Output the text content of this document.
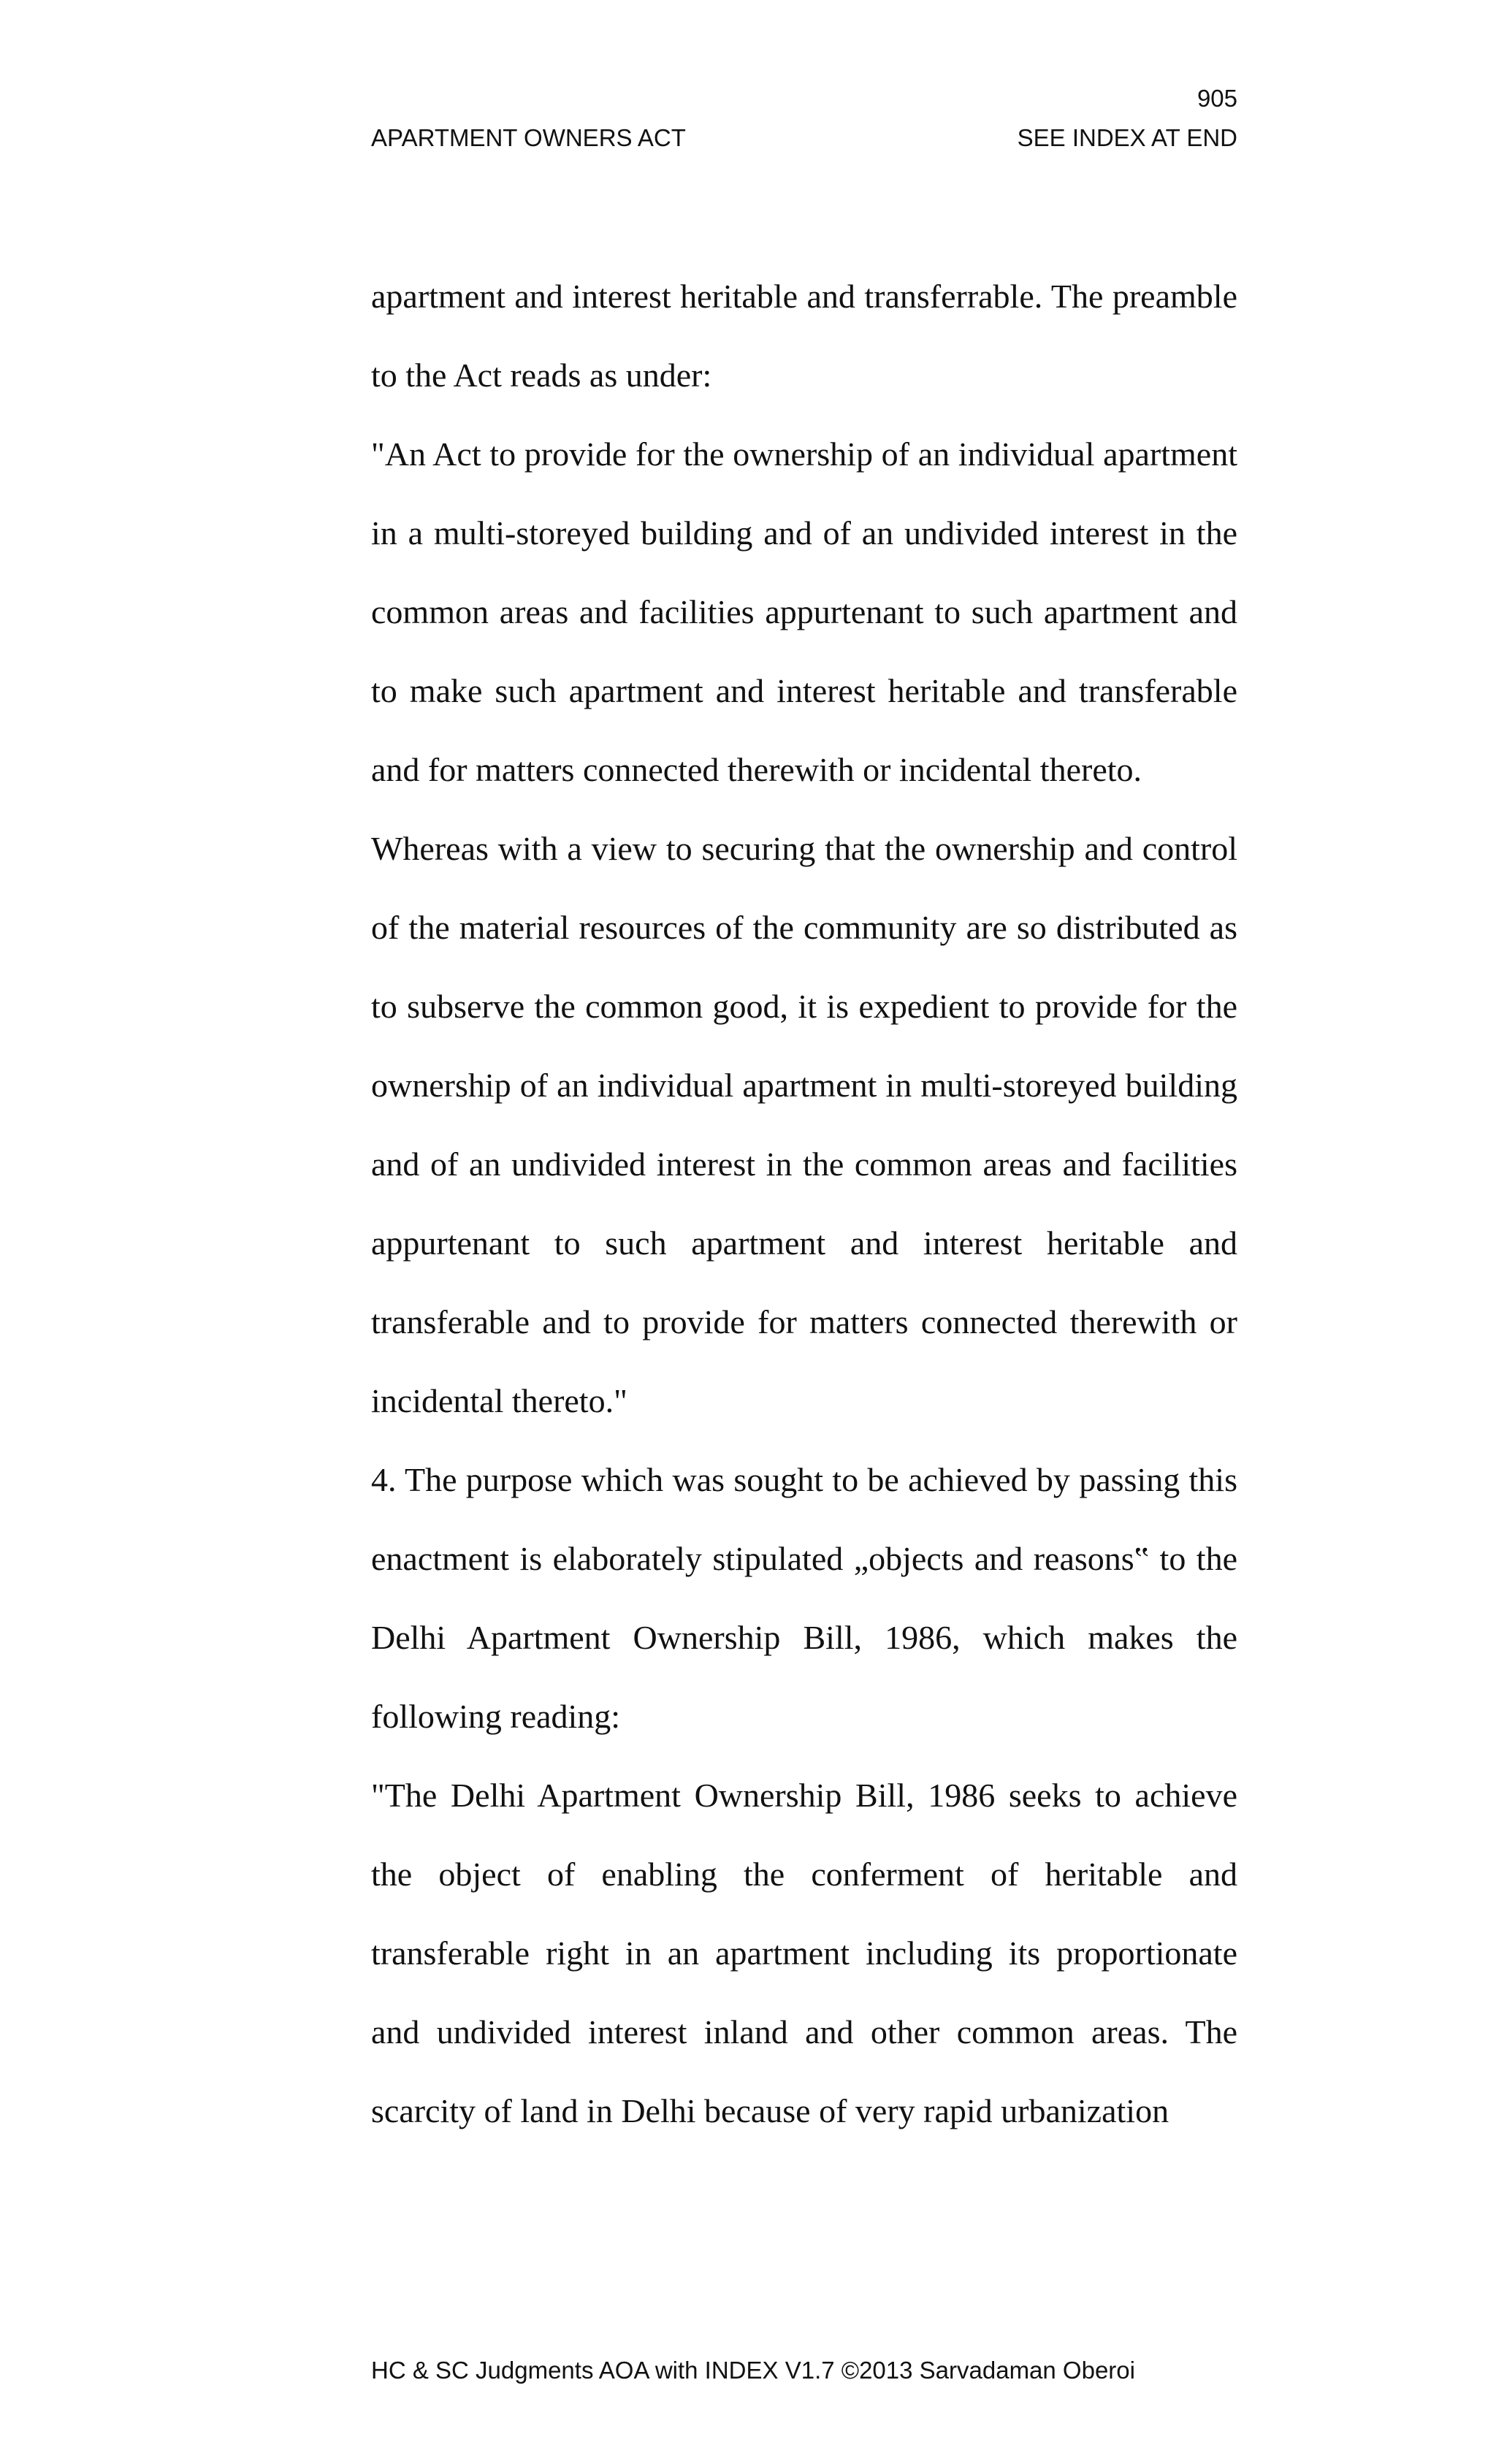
905
APARTMENT OWNERS ACT	SEE INDEX AT END

apartment and interest heritable and transferrable. The preamble to the Act reads as under:

"An Act to provide for the ownership of an individual apartment in a multi-storeyed building and of an undivided interest in the common areas and facilities appurtenant to such apartment and to make such apartment and interest heritable and transferable and for matters connected therewith or incidental thereto.

Whereas with a view to securing that the ownership and control of the material resources of the community are so distributed as to subserve the common good, it is expedient to provide for the ownership of an individual apartment in multi-storeyed building and of an undivided interest in the common areas and facilities appurtenant to such apartment and interest heritable and transferable and to provide for matters connected therewith or incidental thereto."

4. The purpose which was sought to be achieved by passing this enactment is elaborately stipulated „objects and reasons‟ to the Delhi Apartment Ownership Bill, 1986, which makes the following reading:

"The Delhi Apartment Ownership Bill, 1986 seeks to achieve the object of enabling the conferment of heritable and transferable right in an apartment including its proportionate and undivided interest inland and other common areas. The scarcity of land in Delhi because of very rapid urbanization

HC & SC Judgments AOA with INDEX V1.7 ©2013 Sarvadaman Oberoi
